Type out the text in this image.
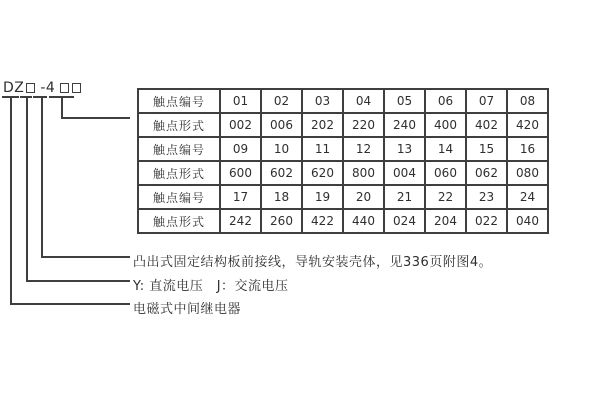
DZ -4
触点编号	01	02	03	04	05	06	07	08
触点形式	002	006	202	220	240	400	402	420
触点编号	09	10	11	12	13	14	15	16
触点形式	600	602	620	800	004	060	062	080
触点编号	17	18	19	20	21	22	23	24
触点形式	242	260	422	440	024	204	022	040
凸出式固定结构板前接线，导轨安装壳体，见336页附图4。
Y: 直流电压　J：交流电压
电磁式中间继电器
